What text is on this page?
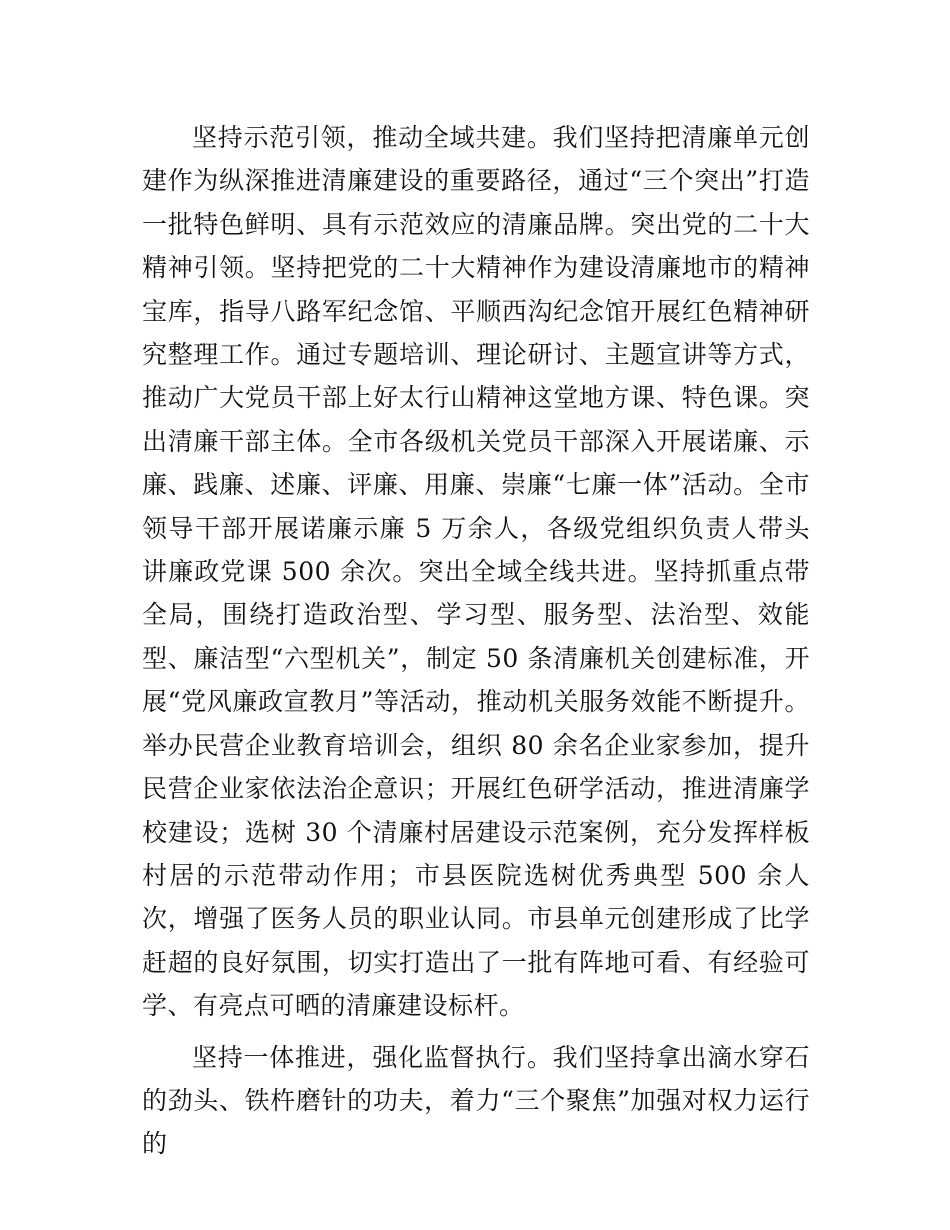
坚持示范引领，推动全域共建。我们坚持把清廉单元创建作为纵深推进清廉建设的重要路径，通过“三个突出”打造一批特色鲜明、具有示范效应的清廉品牌。突出党的二十大精神引领。坚持把党的二十大精神作为建设清廉地市的精神宝库，指导八路军纪念馆、平顺西沟纪念馆开展红色精神研究整理工作。通过专题培训、理论研讨、主题宣讲等方式，推动广大党员干部上好太行山精神这堂地方课、特色课。突出清廉干部主体。全市各级机关党员干部深入开展诺廉、示廉、践廉、述廉、评廉、用廉、崇廉“七廉一体”活动。全市领导干部开展诺廉示廉 5 万余人，各级党组织负责人带头讲廉政党课 500 余次。突出全域全线共进。坚持抓重点带全局，围绕打造政治型、学习型、服务型、法治型、效能型、廉洁型“六型机关”，制定 50 条清廉机关创建标准，开展“党风廉政宣教月”等活动，推动机关服务效能不断提升。举办民营企业教育培训会，组织 80 余名企业家参加，提升民营企业家依法治企意识；开展红色研学活动，推进清廉学校建设；选树 30 个清廉村居建设示范案例，充分发挥样板村居的示范带动作用；市县医院选树优秀典型 500 余人次，增强了医务人员的职业认同。市县单元创建形成了比学赶超的良好氛围，切实打造出了一批有阵地可看、有经验可学、有亮点可晒的清廉建设标杆。

坚持一体推进，强化监督执行。我们坚持拿出滴水穿石的劲头、铁杵磨针的功夫，着力“三个聚焦”加强对权力运行的
